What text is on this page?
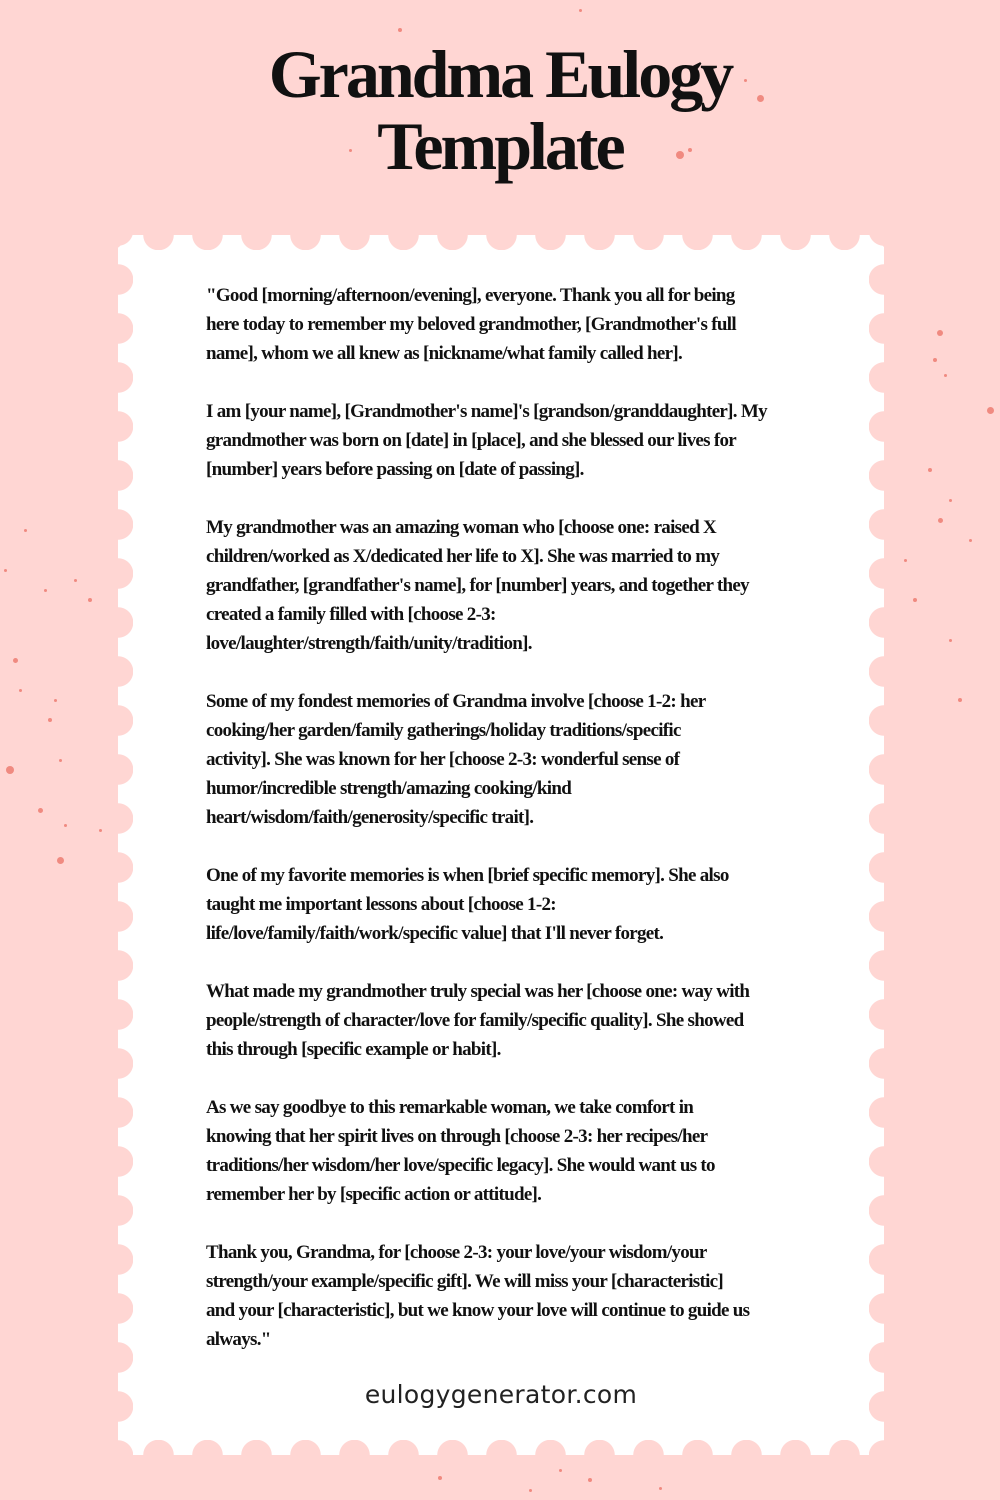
Grandma Eulogy
Template
"Good [morning/afternoon/evening], everyone. Thank you all for being
here today to remember my beloved grandmother, [Grandmother's full
name], whom we all knew as [nickname/what family called her].
I am [your name], [Grandmother's name]'s [grandson/granddaughter]. My
grandmother was born on [date] in [place], and she blessed our lives for
[number] years before passing on [date of passing].
My grandmother was an amazing woman who [choose one: raised X
children/worked as X/dedicated her life to X]. She was married to my
grandfather, [grandfather's name], for [number] years, and together they
created a family filled with [choose 2-3:
love/laughter/strength/faith/unity/tradition].
Some of my fondest memories of Grandma involve [choose 1-2: her
cooking/her garden/family gatherings/holiday traditions/specific
activity]. She was known for her [choose 2-3: wonderful sense of
humor/incredible strength/amazing cooking/kind
heart/wisdom/faith/generosity/specific trait].
One of my favorite memories is when [brief specific memory]. She also
taught me important lessons about [choose 1-2:
life/love/family/faith/work/specific value] that I'll never forget.
What made my grandmother truly special was her [choose one: way with
people/strength of character/love for family/specific quality]. She showed
this through [specific example or habit].
As we say goodbye to this remarkable woman, we take comfort in
knowing that her spirit lives on through [choose 2-3: her recipes/her
traditions/her wisdom/her love/specific legacy]. She would want us to
remember her by [specific action or attitude].
Thank you, Grandma, for [choose 2-3: your love/your wisdom/your
strength/your example/specific gift]. We will miss your [characteristic]
and your [characteristic], but we know your love will continue to guide us
always."
eulogygenerator.com
